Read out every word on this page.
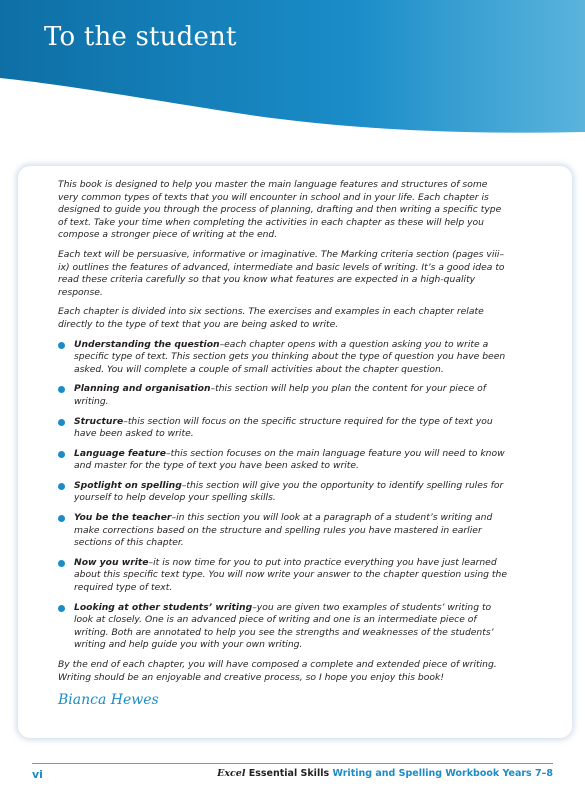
To the student

This book is designed to help you master the main language features and structures of some very common types of texts that you will encounter in school and in your life. Each chapter is designed to guide you through the process of planning, drafting and then writing a specific type of text. Take your time when completing the activities in each chapter as these will help you compose a stronger piece of writing at the end.

Each text will be persuasive, informative or imaginative. The Marking criteria section (pages viii–ix) outlines the features of advanced, intermediate and basic levels of writing. It’s a good idea to read these criteria carefully so that you know what features are expected in a high-quality response.

Each chapter is divided into six sections. The exercises and examples in each chapter relate directly to the type of text that you are being asked to write.

Understanding the question–each chapter opens with a question asking you to write a specific type of text. This section gets you thinking about the type of question you have been asked. You will complete a couple of small activities about the chapter question.
Planning and organisation–this section will help you plan the content for your piece of writing.
Structure–this section will focus on the specific structure required for the type of text you have been asked to write.
Language feature–this section focuses on the main language feature you will need to know and master for the type of text you have been asked to write.
Spotlight on spelling–this section will give you the opportunity to identify spelling rules for yourself to help develop your spelling skills.
You be the teacher–in this section you will look at a paragraph of a student’s writing and make corrections based on the structure and spelling rules you have mastered in earlier sections of this chapter.
Now you write–it is now time for you to put into practice everything you have just learned about this specific text type. You will now write your answer to the chapter question using the required type of text.
Looking at other students’ writing–you are given two examples of students’ writing to look at closely. One is an advanced piece of writing and one is an intermediate piece of writing. Both are annotated to help you see the strengths and weaknesses of the students’ writing and help guide you with your own writing.

By the end of each chapter, you will have composed a complete and extended piece of writing. Writing should be an enjoyable and creative process, so I hope you enjoy this book!

Bianca Hewes
vi	Excel Essential Skills Writing and Spelling Workbook Years 7–8
